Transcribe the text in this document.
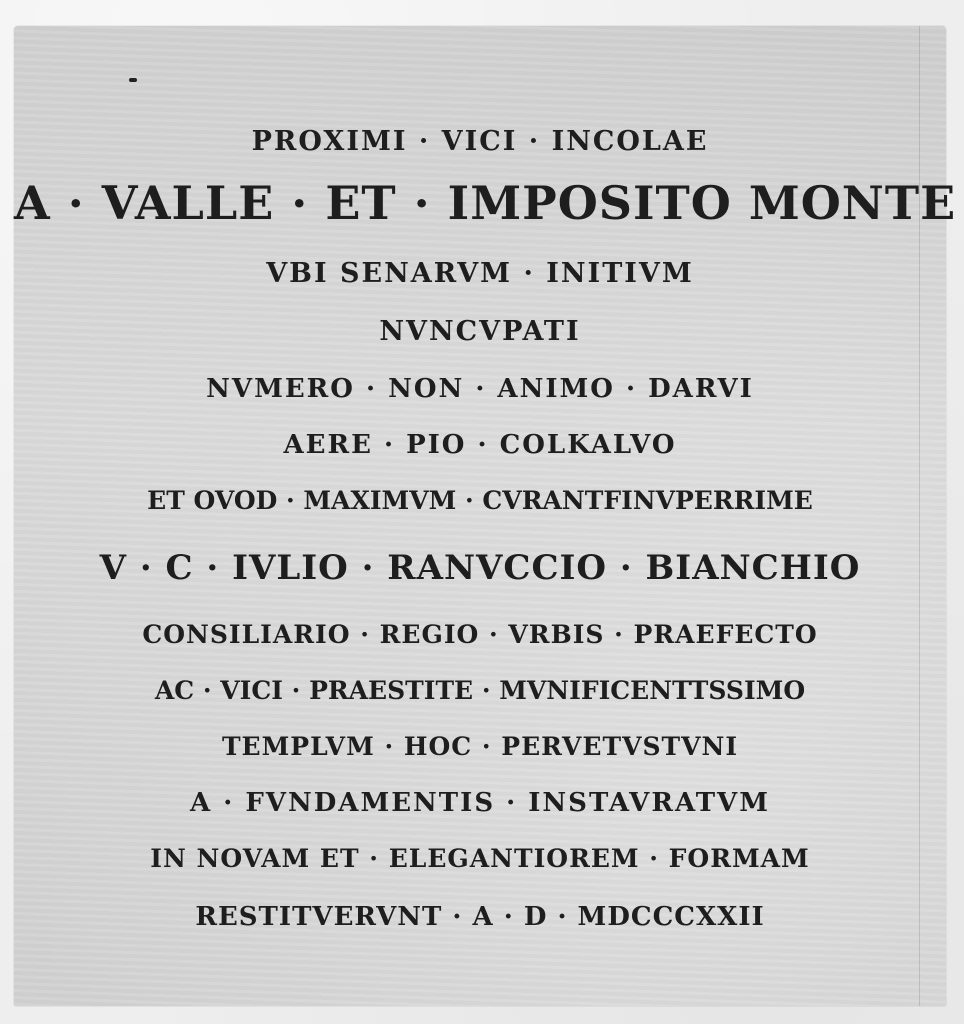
PROXIMI · VICI · INCOLAE
A · VALLE · ET · IMPOSITO MONTE
VBI SENARVM · INITIVM
NVNCVPATI
NVMERO · NON · ANIMO · DARVI
AERE · PIO · COLKALVO
ET OVOD · MAXIMVM · CVRANTFINVPERRIME
V · C · IVLIO · RANVCCIO · BIANCHIO
CONSILIARIO · REGIO · VRBIS · PRAEFECTO
AC · VICI · PRAESTITE · MVNIFICENTTSSIMO
TEMPLVM · HOC · PERVETVSTVNI
A · FVNDAMENTIS · INSTAVRATVM
IN NOVAM ET · ELEGANTIOREM · FORMAM
RESTITVERVNT · A · D · MDCCCXXII
